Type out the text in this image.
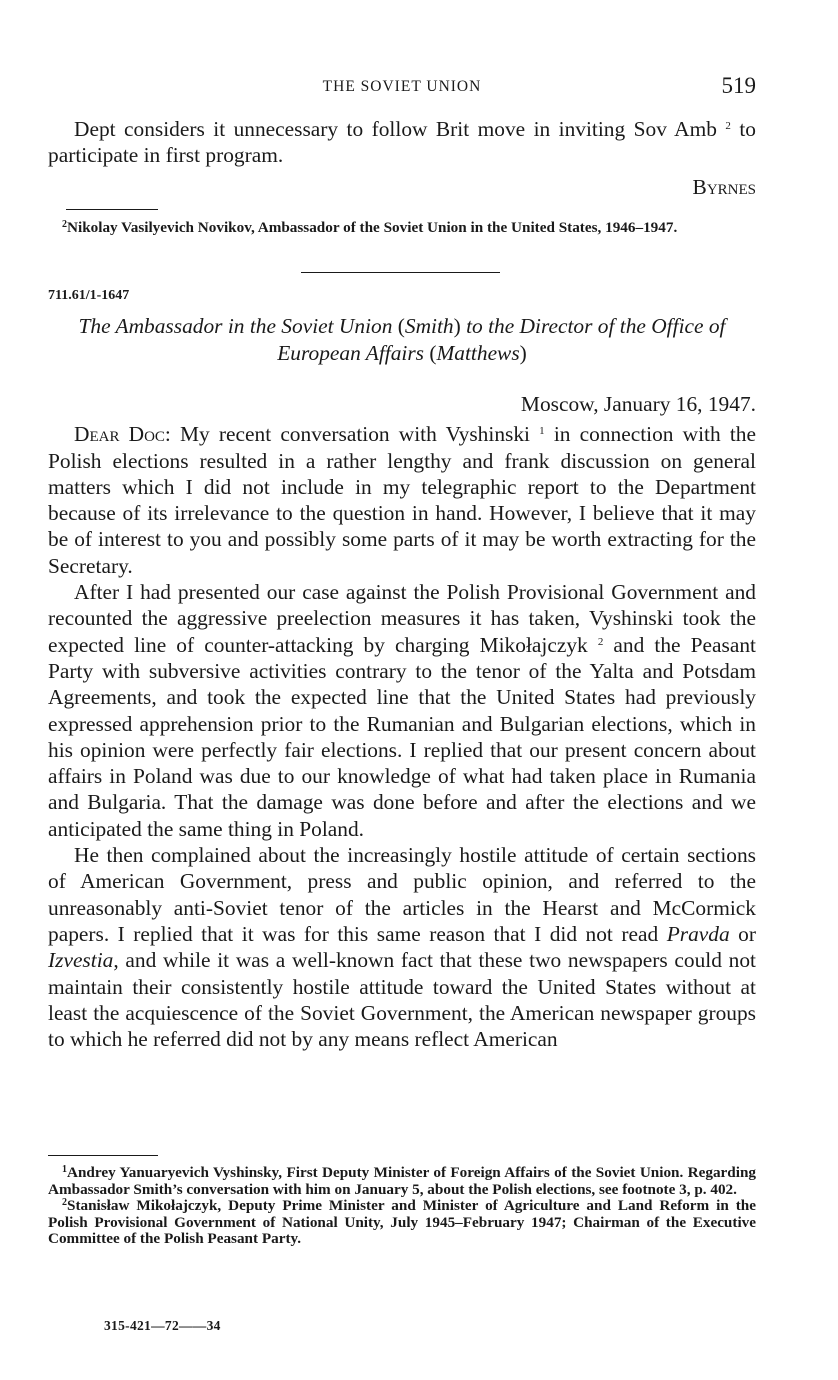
THE SOVIET UNION	519

Dept considers it unnecessary to follow Brit move in inviting Sov Amb $^2$ to participate in first program.

Byrnes

$^2$Nikolay Vasilyevich Novikov, Ambassador of the Soviet Union in the United States, 1946–1947.

711.61/1-1647

The Ambassador in the Soviet Union (Smith) to the Director of the Office of European Affairs (Matthews)

Moscow, January 16, 1947.

Dear Doc: My recent conversation with Vyshinski $^1$ in connection with the Polish elections resulted in a rather lengthy and frank discussion on general matters which I did not include in my telegraphic report to the Department because of its irrelevance to the question in hand. However, I believe that it may be of interest to you and possibly some parts of it may be worth extracting for the Secretary.

After I had presented our case against the Polish Provisional Government and recounted the aggressive preelection measures it has taken, Vyshinski took the expected line of counter-attacking by charging Mikołajczyk $^2$ and the Peasant Party with subversive activities contrary to the tenor of the Yalta and Potsdam Agreements, and took the expected line that the United States had previously expressed apprehension prior to the Rumanian and Bulgarian elections, which in his opinion were perfectly fair elections. I replied that our present concern about affairs in Poland was due to our knowledge of what had taken place in Rumania and Bulgaria. That the damage was done before and after the elections and we anticipated the same thing in Poland.

He then complained about the increasingly hostile attitude of certain sections of American Government, press and public opinion, and referred to the unreasonably anti-Soviet tenor of the articles in the Hearst and McCormick papers. I replied that it was for this same reason that I did not read Pravda or Izvestia, and while it was a well-known fact that these two newspapers could not maintain their consistently hostile attitude toward the United States without at least the acquiescence of the Soviet Government, the American newspaper groups to which he referred did not by any means reflect American

$^1$Andrey Yanuaryevich Vyshinsky, First Deputy Minister of Foreign Affairs of the Soviet Union. Regarding Ambassador Smith’s conversation with him on January 5, about the Polish elections, see footnote 3, p. 402.

$^2$Stanisław Mikołajczyk, Deputy Prime Minister and Minister of Agriculture and Land Reform in the Polish Provisional Government of National Unity, July 1945–February 1947; Chairman of the Executive Committee of the Polish Peasant Party.

315-421—72——34
